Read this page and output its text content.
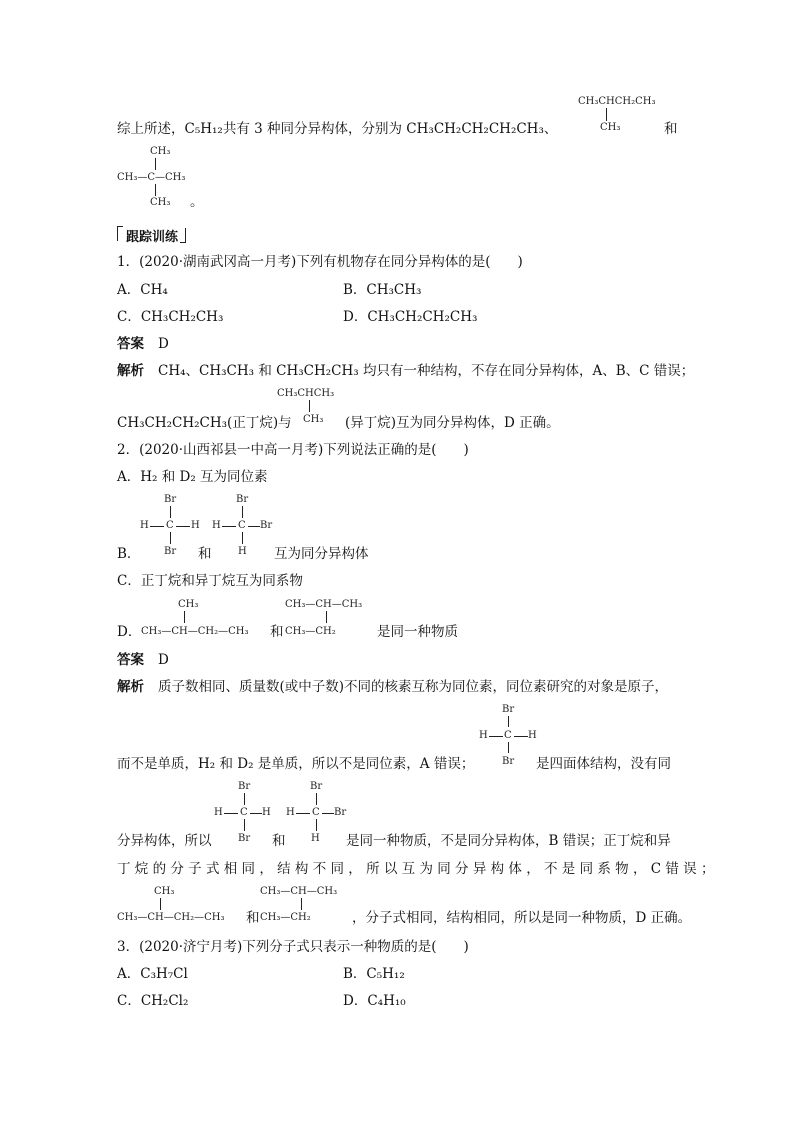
CH₃CHCH₂CH₃
CH₃
综上所述，C₅H₁₂共有 3 种同分异构体，分别为 CH₃CH₂CH₂CH₂CH₃、	和
CH₃
CH₃—C—CH₃
CH₃ 。
跟踪训练
1．(2020·湖南武冈高一月考)下列有机物存在同分异构体的是(　　)
A．CH₄	B．CH₃CH₃
C．CH₃CH₂CH₃	D．CH₃CH₂CH₂CH₃
答案 D
解析 CH₄、CH₃CH₃ 和 CH₃CH₂CH₃ 均只有一种结构，不存在同分异构体，A、B、C 错误；
CH₃CHCH₃
CH₃
CH₃CH₂CH₂CH₃(正丁烷)与	(异丁烷)互为同分异构体，D 正确。
2．(2020·山西祁县一中高一月考)下列说法正确的是(　　)
A．H₂ 和 D₂ 互为同位素
Br
H C H
Br
Br
H C Br
H
B．	和	互为同分异构体
C．正丁烷和异丁烷互为同系物
CH₃
D． CH₃—CH—CH₂—CH₃ 和
CH₃—CH—CH₃
CH₃—CH₂	是同一种物质
答案 D
解析 质子数相同、质量数(或中子数)不同的核素互称为同位素，同位素研究的对象是原子，
Br
H C H
Br
而不是单质，H₂ 和 D₂ 是单质，所以不是同位素，A 错误；	是四面体结构，没有同
Br
H C H
Br
Br
H C Br
H
分异构体，所以	和	是同一种物质，不是同分异构体，B 错误；正丁烷和异
丁 烷 的 分 子 式 相 同 ， 结 构 不 同 ， 所 以 互 为 同 分 异 构 体 ， 不 是 同 系 物 ， C 错 误 ；
CH₃
CH₃—CH—CH₂—CH₃ 和
CH₃—CH—CH₃
CH₃—CH₂	，分子式相同，结构相同，所以是同一种物质，D 正确。
3．(2020·济宁月考)下列分子式只表示一种物质的是(　　)
A．C₃H₇Cl	B．C₅H₁₂
C．CH₂Cl₂	D．C₄H₁₀
